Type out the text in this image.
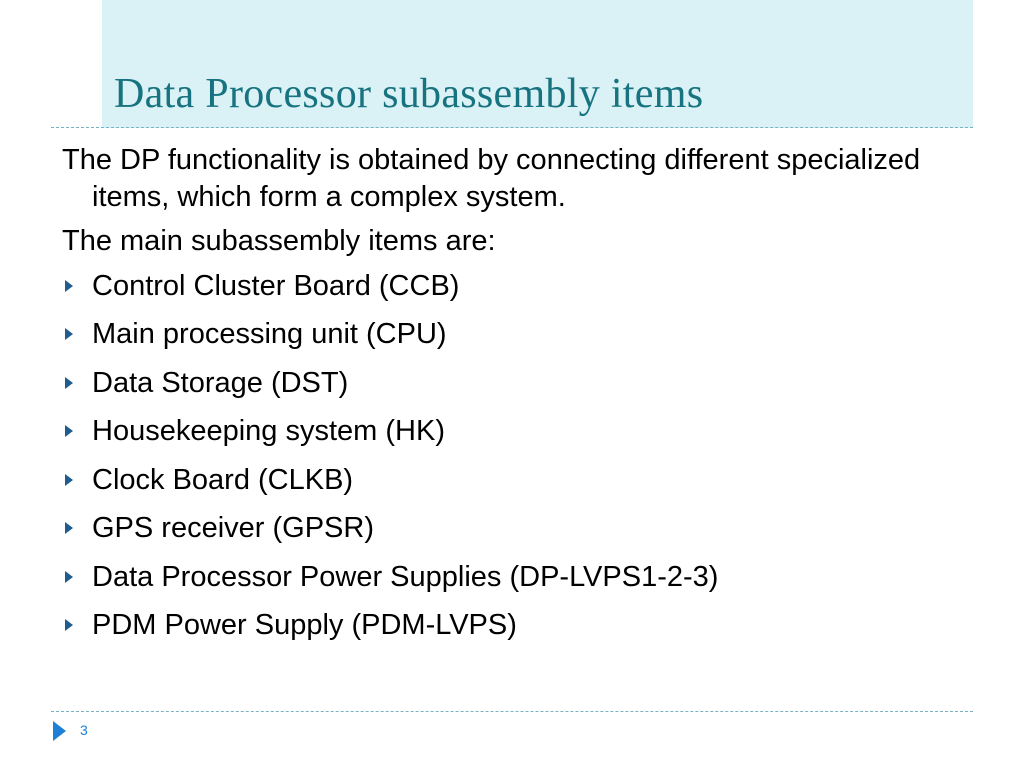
Data Processor subassembly items

The DP functionality is obtained by connecting different specialized items, which form a complex system.

The main subassembly items are:

Control Cluster Board (CCB)
Main processing unit (CPU)
Data Storage (DST)
Housekeeping system (HK)
Clock Board (CLKB)
GPS receiver (GPSR)
Data Processor Power Supplies (DP-LVPS1-2-3)
PDM Power Supply (PDM-LVPS)
3
